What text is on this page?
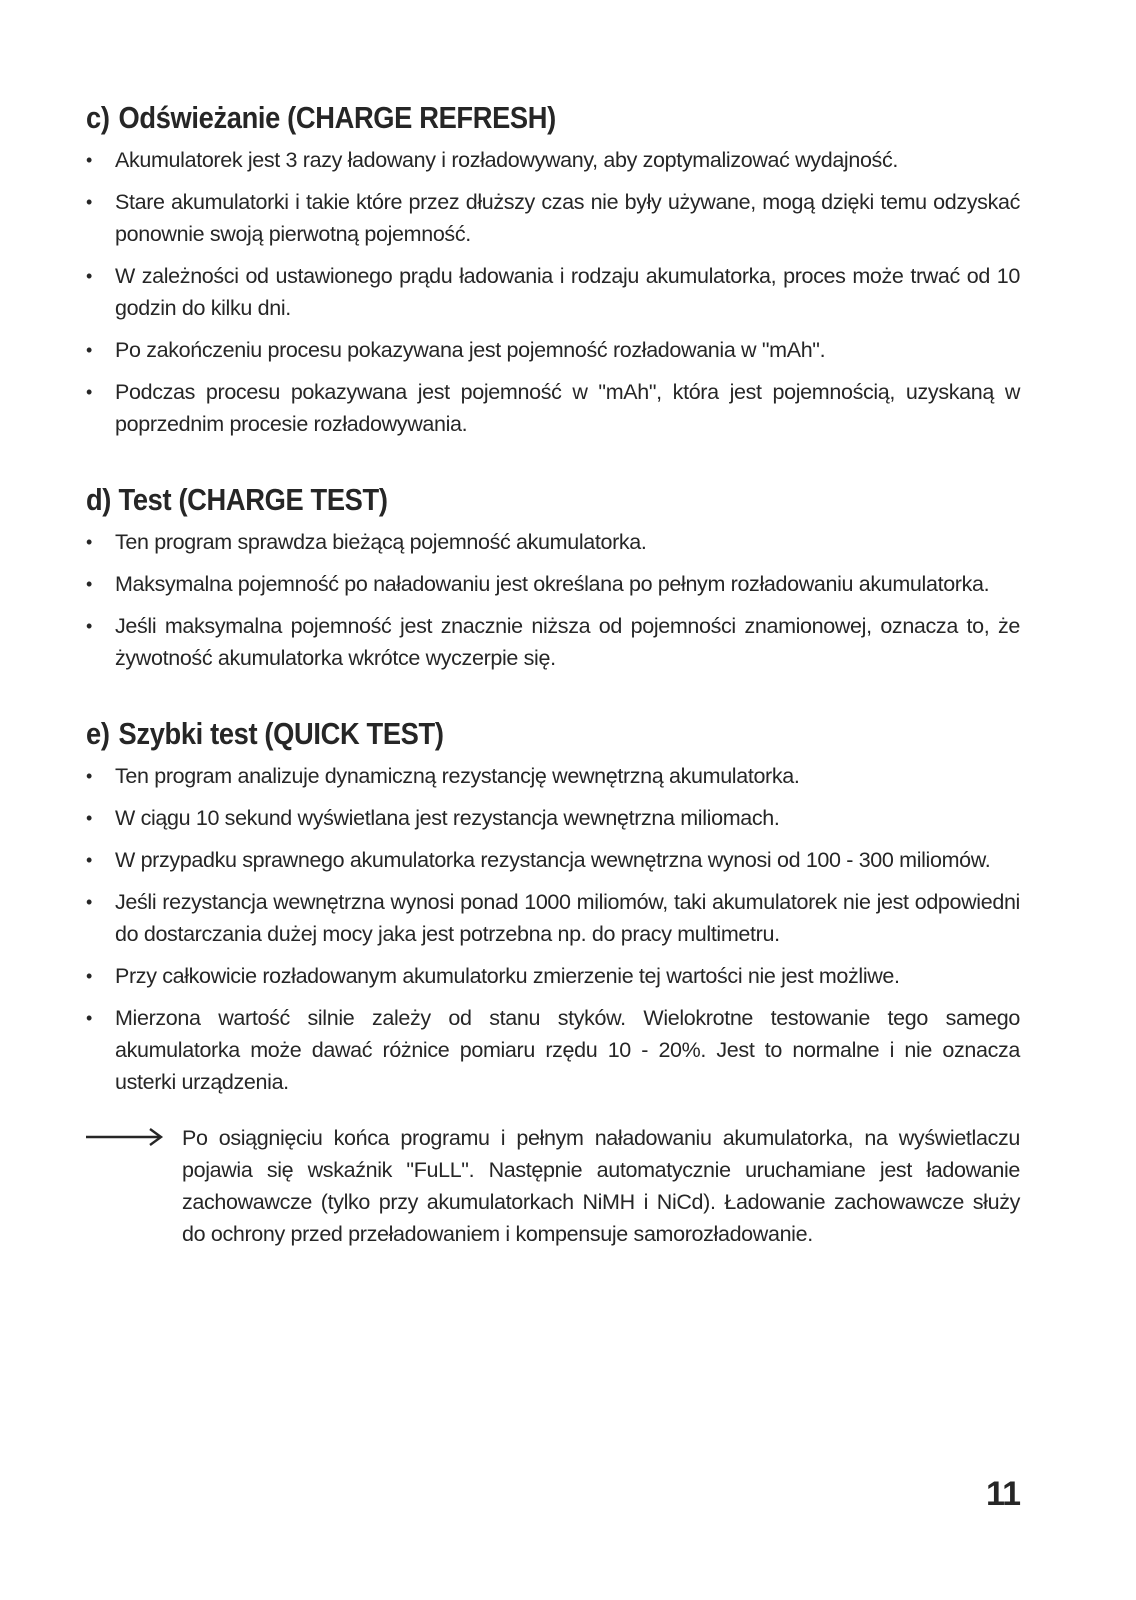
c) Odświeżanie (CHARGE REFRESH)
•	Akumulatorek jest 3 razy ładowany i rozładowywany, aby zoptymalizować wydajność.
•	Stare akumulatorki i takie które przez dłuższy czas nie były używane, mogą dzięki temu odzyskać ponownie swoją pierwotną pojemność.
•	W zależności od ustawionego prądu ładowania i rodzaju akumulatorka, proces może trwać od 10 godzin do kilku dni.
•	Po zakończeniu procesu pokazywana jest pojemność rozładowania w "mAh".
•	Podczas procesu pokazywana jest pojemność w "mAh", która jest pojemnością, uzyskaną w poprzednim procesie rozładowywania.
d) Test (CHARGE TEST)
•	Ten program sprawdza bieżącą pojemność akumulatorka.
•	Maksymalna pojemność po naładowaniu jest określana po pełnym rozładowaniu akumulatorka.
•	Jeśli maksymalna pojemność jest znacznie niższa od pojemności znamionowej, oznacza to, że żywotność akumulatorka wkrótce wyczerpie się.
e) Szybki test (QUICK TEST)
•	Ten program analizuje dynamiczną rezystancję wewnętrzną akumulatorka.
•	W ciągu 10 sekund wyświetlana jest rezystancja wewnętrzna miliomach.
•	W przypadku sprawnego akumulatorka rezystancja wewnętrzna wynosi od 100 - 300 miliomów.
•	Jeśli rezystancja wewnętrzna wynosi ponad 1000 miliomów, taki akumulatorek nie jest odpowiedni do dostarczania dużej mocy jaka jest potrzebna np. do pracy multimetru.
•	Przy całkowicie rozładowanym akumulatorku zmierzenie tej wartości nie jest możliwe.
•	Mierzona wartość silnie zależy od stanu styków. Wielokrotne testowanie tego samego akumulatorka może dawać różnice pomiaru rzędu 10 - 20%. Jest to normalne i nie oznacza usterki urządzenia.

Po osiągnięciu końca programu i pełnym naładowaniu akumulatorka, na wyświetlaczu pojawia się wskaźnik "FuLL". Następnie automatycznie uruchamiane jest ładowanie zachowawcze (tylko przy akumulatorkach NiMH i NiCd). Ładowanie zachowawcze służy do ochrony przed przeładowaniem i kompensuje samorozładowanie.

11
